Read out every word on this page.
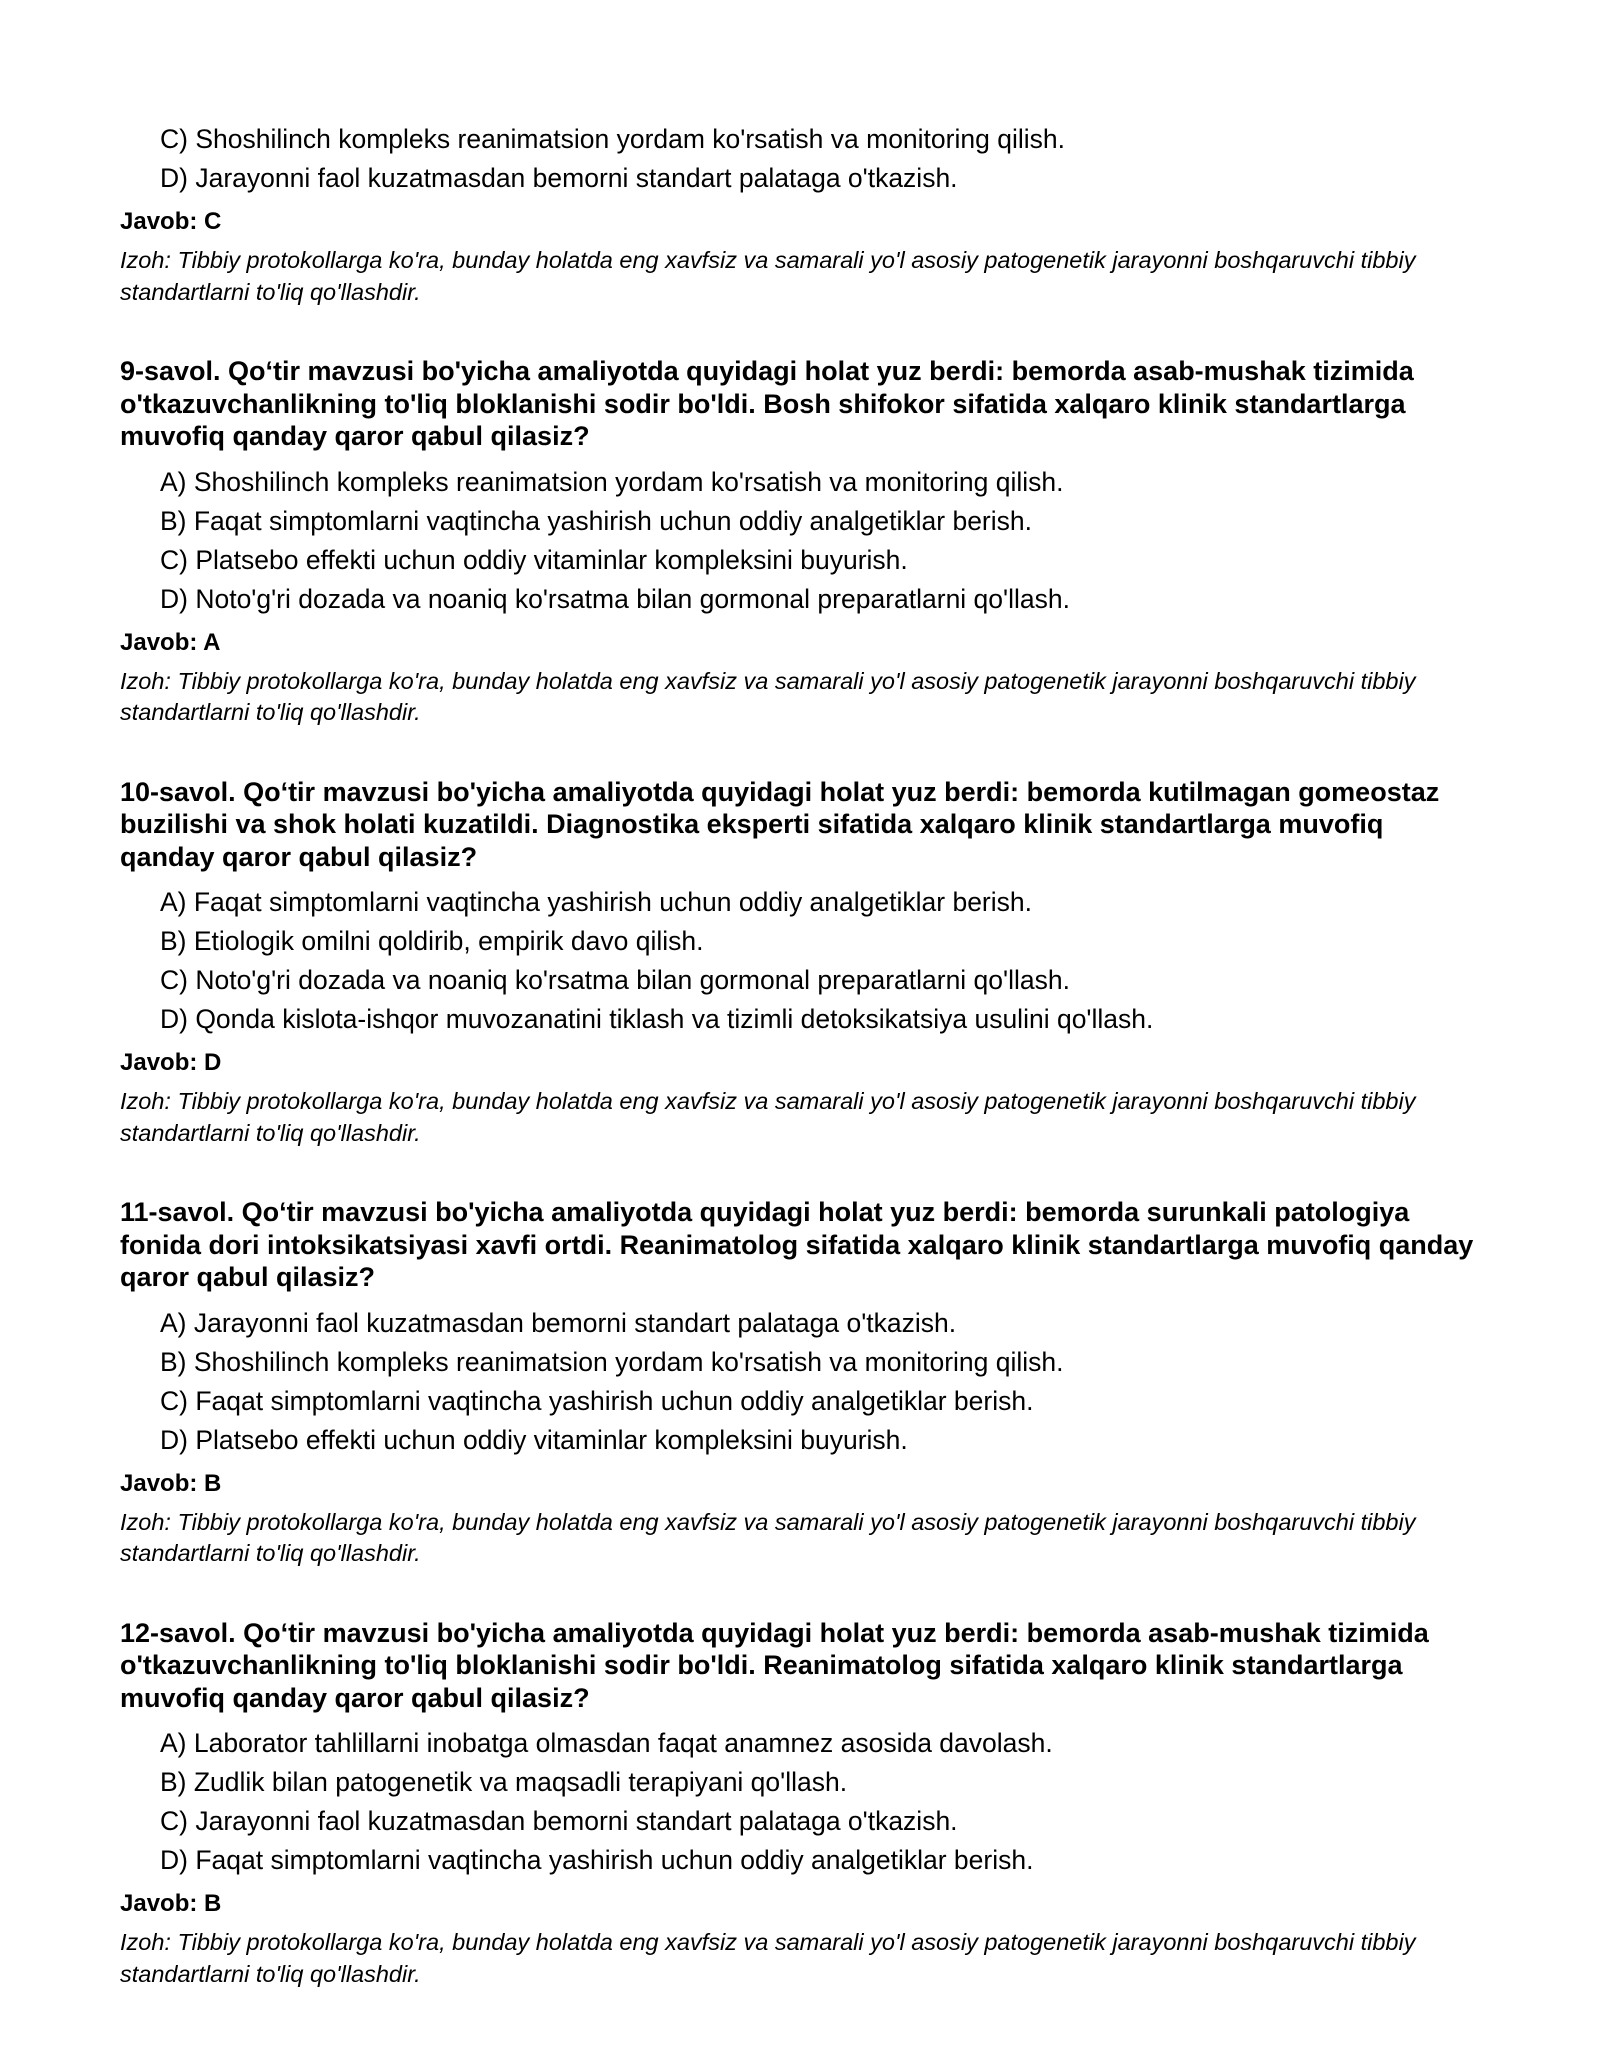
C) Shoshilinch kompleks reanimatsion yordam ko'rsatish va monitoring qilish.
D) Jarayonni faol kuzatmasdan bemorni standart palataga o'tkazish.
Javob: C
Izoh: Tibbiy protokollarga ko'ra, bunday holatda eng xavfsiz va samarali yo'l asosiy patogenetik jarayonni boshqaruvchi tibbiy standartlarni to'liq qo'llashdir.
9-savol. Qo‘tir mavzusi bo'yicha amaliyotda quyidagi holat yuz berdi: bemorda asab-mushak tizimida o'tkazuvchanlikning to'liq bloklanishi sodir bo'ldi. Bosh shifokor sifatida xalqaro klinik standartlarga muvofiq qanday qaror qabul qilasiz?
A) Shoshilinch kompleks reanimatsion yordam ko'rsatish va monitoring qilish.
B) Faqat simptomlarni vaqtincha yashirish uchun oddiy analgetiklar berish.
C) Platsebo effekti uchun oddiy vitaminlar kompleksini buyurish.
D) Noto'g'ri dozada va noaniq ko'rsatma bilan gormonal preparatlarni qo'llash.
Javob: A
Izoh: Tibbiy protokollarga ko'ra, bunday holatda eng xavfsiz va samarali yo'l asosiy patogenetik jarayonni boshqaruvchi tibbiy standartlarni to'liq qo'llashdir.
10-savol. Qo‘tir mavzusi bo'yicha amaliyotda quyidagi holat yuz berdi: bemorda kutilmagan gomeostaz buzilishi va shok holati kuzatildi. Diagnostika eksperti sifatida xalqaro klinik standartlarga muvofiq qanday qaror qabul qilasiz?
A) Faqat simptomlarni vaqtincha yashirish uchun oddiy analgetiklar berish.
B) Etiologik omilni qoldirib, empirik davo qilish.
C) Noto'g'ri dozada va noaniq ko'rsatma bilan gormonal preparatlarni qo'llash.
D) Qonda kislota-ishqor muvozanatini tiklash va tizimli detoksikatsiya usulini qo'llash.
Javob: D
Izoh: Tibbiy protokollarga ko'ra, bunday holatda eng xavfsiz va samarali yo'l asosiy patogenetik jarayonni boshqaruvchi tibbiy standartlarni to'liq qo'llashdir.
11-savol. Qo‘tir mavzusi bo'yicha amaliyotda quyidagi holat yuz berdi: bemorda surunkali patologiya fonida dori intoksikatsiyasi xavfi ortdi. Reanimatolog sifatida xalqaro klinik standartlarga muvofiq qanday qaror qabul qilasiz?
A) Jarayonni faol kuzatmasdan bemorni standart palataga o'tkazish.
B) Shoshilinch kompleks reanimatsion yordam ko'rsatish va monitoring qilish.
C) Faqat simptomlarni vaqtincha yashirish uchun oddiy analgetiklar berish.
D) Platsebo effekti uchun oddiy vitaminlar kompleksini buyurish.
Javob: B
Izoh: Tibbiy protokollarga ko'ra, bunday holatda eng xavfsiz va samarali yo'l asosiy patogenetik jarayonni boshqaruvchi tibbiy standartlarni to'liq qo'llashdir.
12-savol. Qo‘tir mavzusi bo'yicha amaliyotda quyidagi holat yuz berdi: bemorda asab-mushak tizimida o'tkazuvchanlikning to'liq bloklanishi sodir bo'ldi. Reanimatolog sifatida xalqaro klinik standartlarga muvofiq qanday qaror qabul qilasiz?
A) Laborator tahlillarni inobatga olmasdan faqat anamnez asosida davolash.
B) Zudlik bilan patogenetik va maqsadli terapiyani qo'llash.
C) Jarayonni faol kuzatmasdan bemorni standart palataga o'tkazish.
D) Faqat simptomlarni vaqtincha yashirish uchun oddiy analgetiklar berish.
Javob: B
Izoh: Tibbiy protokollarga ko'ra, bunday holatda eng xavfsiz va samarali yo'l asosiy patogenetik jarayonni boshqaruvchi tibbiy standartlarni to'liq qo'llashdir.
